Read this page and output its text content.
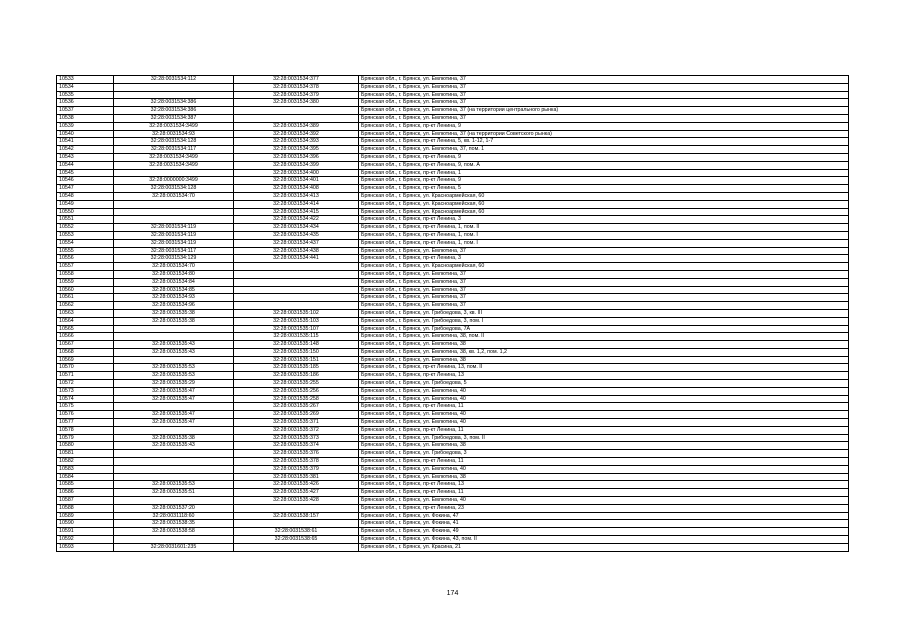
10533	32:28:0031534:112	32:28:0031534:377	Брянская обл., г. Брянск, ул. Емлютина, 37
10534		32:28:0031534:378	Брянская обл., г. Брянск, ул. Емлютина, 37
10535		32:28:0031534:379	Брянская обл., г. Брянск, ул. Емлютина, 37
10536	32:28:0031534:386	32:28:0031534:380	Брянская обл., г. Брянск, ул. Емлютина, 37
10537	32:28:0031534:386		Брянская обл., г. Брянск, ул. Емлютина, 37 (на территории центрального рынка)
10538	32:28:0031534:387		Брянская обл., г. Брянск, ул. Емлютина, 37
10539	32:28:0031534:3499	32:28:0031534:389	Брянская обл., г. Брянск, пр-кт Ленина, 9
10540	32:28:0031534:93	32:28:0031534:392	Брянская обл., г. Брянск, ул. Емлютина, 37 (на территории Советского рынка)
10541	32:28:0031534:128	32:28:0031534:393	Брянская обл., г. Брянск, пр-кт Ленина, 5, кв. 1-12, 1-7
10542	32:28:0031534:117	32:28:0031534:395	Брянская обл., г. Брянск, ул. Емлютина, 37, пом. 1
10543	32:28:0031534:3499	32:28:0031534:396	Брянская обл., г. Брянск, пр-кт Ленина, 9
10544	32:28:0031534:3499	32:28:0031534:399	Брянская обл., г. Брянск, пр-кт Ленина, 9, пом. А
10545		32:28:0031534:400	Брянская обл., г. Брянск, пр-кт Ленина, 1
10546	32:28:0000000:3499	32:28:0031534:401	Брянская обл., г. Брянск, пр-кт Ленина, 9
10547	32:28:0031534:128	32:28:0031534:408	Брянская обл., г. Брянск, пр-кт Ленина, 5
10548	32:28:0031534:70	32:28:0031534:413	Брянская обл., г. Брянск, ул. Красноармейская, 60
10549		32:28:0031534:414	Брянская обл., г. Брянск, ул. Красноармейская, 60
10550		32:28:0031534:415	Брянская обл., г. Брянск, ул. Красноармейская, 60
10551		32:28:0031534:422	Брянская обл., г. Брянск, пр-кт Ленина, 3
10552	32:28:0031534:119	32:28:0031534:434	Брянская обл., г. Брянск, пр-кт Ленина, 1, пом. II
10553	32:28:0031534:119	32:28:0031534:435	Брянская обл., г. Брянск, пр-кт Ленина, 1, пом. I
10554	32:28:0031534:119	32:28:0031534:437	Брянская обл., г. Брянск, пр-кт Ленина, 1, пом. I
10555	32:28:0031534:117	32:28:0031534:438	Брянская обл., г. Брянск, ул. Емлютина, 37
10556	32:28:0031534:129	32:28:0031534:441	Брянская обл., г. Брянск, пр-кт Ленина, 3
10557	32:28:0031534:70		Брянская обл., г. Брянск, ул. Красноармейская, 60
10558	32:28:0031534:80		Брянская обл., г. Брянск, ул. Емлютина, 37
10559	32:28:0031534:84		Брянская обл., г. Брянск, ул. Емлютина, 37
10560	32:28:0031534:85		Брянская обл., г. Брянск, ул. Емлютина, 37
10561	32:28:0031534:93		Брянская обл., г. Брянск, ул. Емлютина, 37
10562	32:28:0031534:96		Брянская обл., г. Брянск, ул. Емлютина, 37
10563	32:28:0031535:38	32:28:0031535:102	Брянская обл., г. Брянск, ул. Грибоедова, 3, кв. III
10564	32:28:0031535:38	32:28:0031535:103	Брянская обл., г. Брянск, ул. Грибоедова, 3, пом. I
10565		32:28:0031535:107	Брянская обл., г. Брянск, ул. Грибоедова, 7А
10566		32:28:0031535:115	Брянская обл., г. Брянск, ул. Емлютина, 38, пом. II
10567	32:28:0031535:43	32:28:0031535:148	Брянская обл., г. Брянск, ул. Емлютина, 38
10568	32:28:0031535:43	32:28:0031535:150	Брянская обл., г. Брянск, ул. Емлютина, 38, кв. 1,2, пом. 1,2
10569		32:28:0031535:151	Брянская обл., г. Брянск, ул. Емлютина, 38
10570	32:28:0031535:53	32:28:0031535:185	Брянская обл., г. Брянск, пр-кт Ленина, 13, пом. II
10571	32:28:0031535:53	32:28:0031535:186	Брянская обл., г. Брянск, пр-кт Ленина, 13
10572	32:28:0031535:29	32:28:0031535:255	Брянская обл., г. Брянск, ул. Грибоедова, 5
10573	32:28:0031535:47	32:28:0031535:256	Брянская обл., г. Брянск, ул. Емлютина, 40
10574	32:28:0031535:47	32:28:0031535:258	Брянская обл., г. Брянск, ул. Емлютина, 40
10575		32:28:0031535:267	Брянская обл., г. Брянск, пр-кт Ленина, 11
10576	32:28:0031535:47	32:28:0031535:269	Брянская обл., г. Брянск, ул. Емлютина, 40
10577	32:28:0031535:47	32:28:0031535:371	Брянская обл., г. Брянск, ул. Емлютина, 40
10578		32:28:0031535:372	Брянская обл., г. Брянск, пр-кт Ленина, 11
10579	32:28:0031535:38	32:28:0031535:373	Брянская обл., г. Брянск, ул. Грибоедова, 3, пом. II
10580	32:28:0031535:43	32:28:0031535:374	Брянская обл., г. Брянск, ул. Емлютина, 38
10581		32:28:0031535:376	Брянская обл., г. Брянск, ул. Грибоедова, 3
10582		32:28:0031535:378	Брянская обл., г. Брянск, пр-кт Ленина, 11
10583		32:28:0031535:379	Брянская обл., г. Брянск, ул. Емлютина, 40
10584		32:28:0031535:381	Брянская обл., г. Брянск, ул. Емлютина, 38
10585	32:28:0031535:53	32:28:0031535:426	Брянская обл., г. Брянск, пр-кт Ленина, 13
10586	32:28:0031535:51	32:28:0031535:427	Брянская обл., г. Брянск, пр-кт Ленина, 11
10587		32:28:0031535:428	Брянская обл., г. Брянск, ул. Емлютина, 40
10588	32:28:0031537:20		Брянская обл., г. Брянск, пр-кт Ленина, 23
10589	32:28:0031118:60	32:28:0031538:157	Брянская обл., г. Брянск, ул. Фокина, 47
10590	32:28:0031538:35		Брянская обл., г. Брянск, ул. Фокина, 41
10591	32:28:0031538:58	32:28:0031538:61	Брянская обл., г. Брянск, ул. Фокина, 49
10592		32:28:0031538:65	Брянская обл., г. Брянск, ул. Фокина, 43, пом. II
10593	32:28:0031601:235		Брянская обл., г. Брянск, ул. Красина, 21
174
